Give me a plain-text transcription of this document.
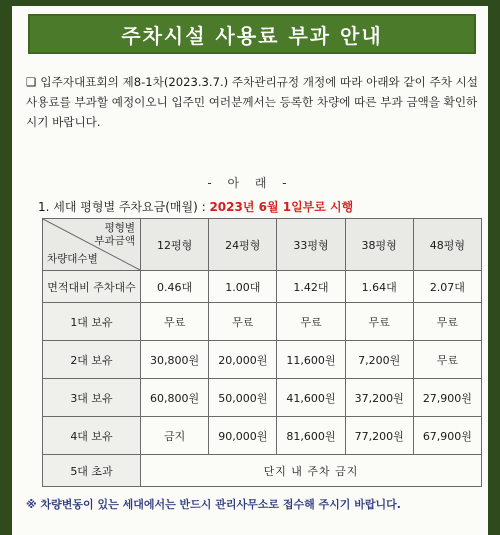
주차시설 사용료 부과 안내
❑ 입주자대표회의 제8-1차(2023.3.7.) 주차관리규정 개정에 따라 아래와 같이 주차 시설 사용료를 부과할 예정이오니 입주민 여러분께서는 등록한 차량에 따른 부과 금액을 확인하시기 바랍니다.
- 아 래 -
1. 세대 평형별 주차요금(매월) : 2023년 6월 1일부로 시행
평형별
부과금액
차량대수별	12평형	24평형	33평형	38평형	48평형
면적대비 주차대수	0.46대	1.00대	1.42대	1.64대	2.07대
1대 보유	무료	무료	무료	무료	무료
2대 보유	30,800원	20,000원	11,600원	7,200원	무료
3대 보유	60,800원	50,000원	41,600원	37,200원	27,900원
4대 보유	금지	90,000원	81,600원	77,200원	67,900원
5대 초과	단지 내 주차 금지				
※ 차량변동이 있는 세대에서는 반드시 관리사무소로 접수해 주시기 바랍니다.
